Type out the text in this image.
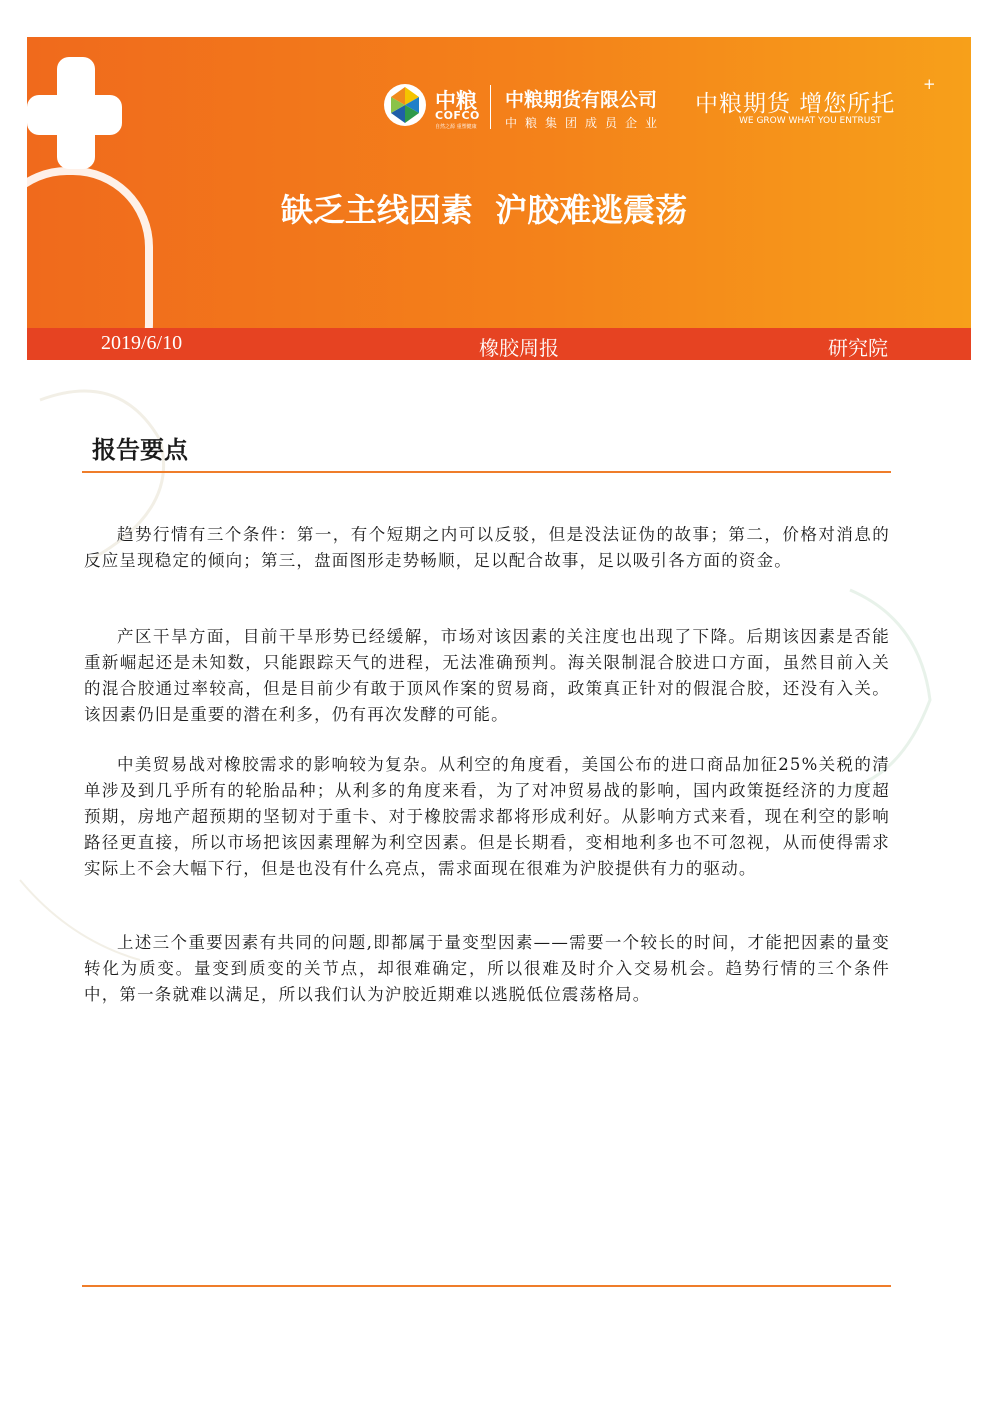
中粮
COFCO
自然之源 重塑健康
中粮期货有限公司
中粮集团成员企业
中粮期货 增您所托
WE GROW WHAT YOU ENTRUST
+
缺乏主线因素  沪胶难逃震荡
2019/6/10	橡胶周报	研究院
报告要点

趋势行情有三个条件：第一，有个短期之内可以反驳，但是没法证伪的故事；第二，价格对消息的反应呈现稳定的倾向；第三，盘面图形走势畅顺，足以配合故事，足以吸引各方面的资金。

产区干旱方面，目前干旱形势已经缓解，市场对该因素的关注度也出现了下降。后期该因素是否能重新崛起还是未知数，只能跟踪天气的进程，无法准确预判。海关限制混合胶进口方面，虽然目前入关的混合胶通过率较高，但是目前少有敢于顶风作案的贸易商，政策真正针对的假混合胶，还没有入关。该因素仍旧是重要的潜在利多，仍有再次发酵的可能。

中美贸易战对橡胶需求的影响较为复杂。从利空的角度看，美国公布的进口商品加征25%关税的清单涉及到几乎所有的轮胎品种；从利多的角度来看，为了对冲贸易战的影响，国内政策挺经济的力度超预期，房地产超预期的坚韧对于重卡、对于橡胶需求都将形成利好。从影响方式来看，现在利空的影响路径更直接，所以市场把该因素理解为利空因素。但是长期看，变相地利多也不可忽视，从而使得需求实际上不会大幅下行，但是也没有什么亮点，需求面现在很难为沪胶提供有力的驱动。

上述三个重要因素有共同的问题,即都属于量变型因素——需要一个较长的时间，才能把因素的量变转化为质变。量变到质变的关节点，却很难确定，所以很难及时介入交易机会。趋势行情的三个条件中，第一条就难以满足，所以我们认为沪胶近期难以逃脱低位震荡格局。
